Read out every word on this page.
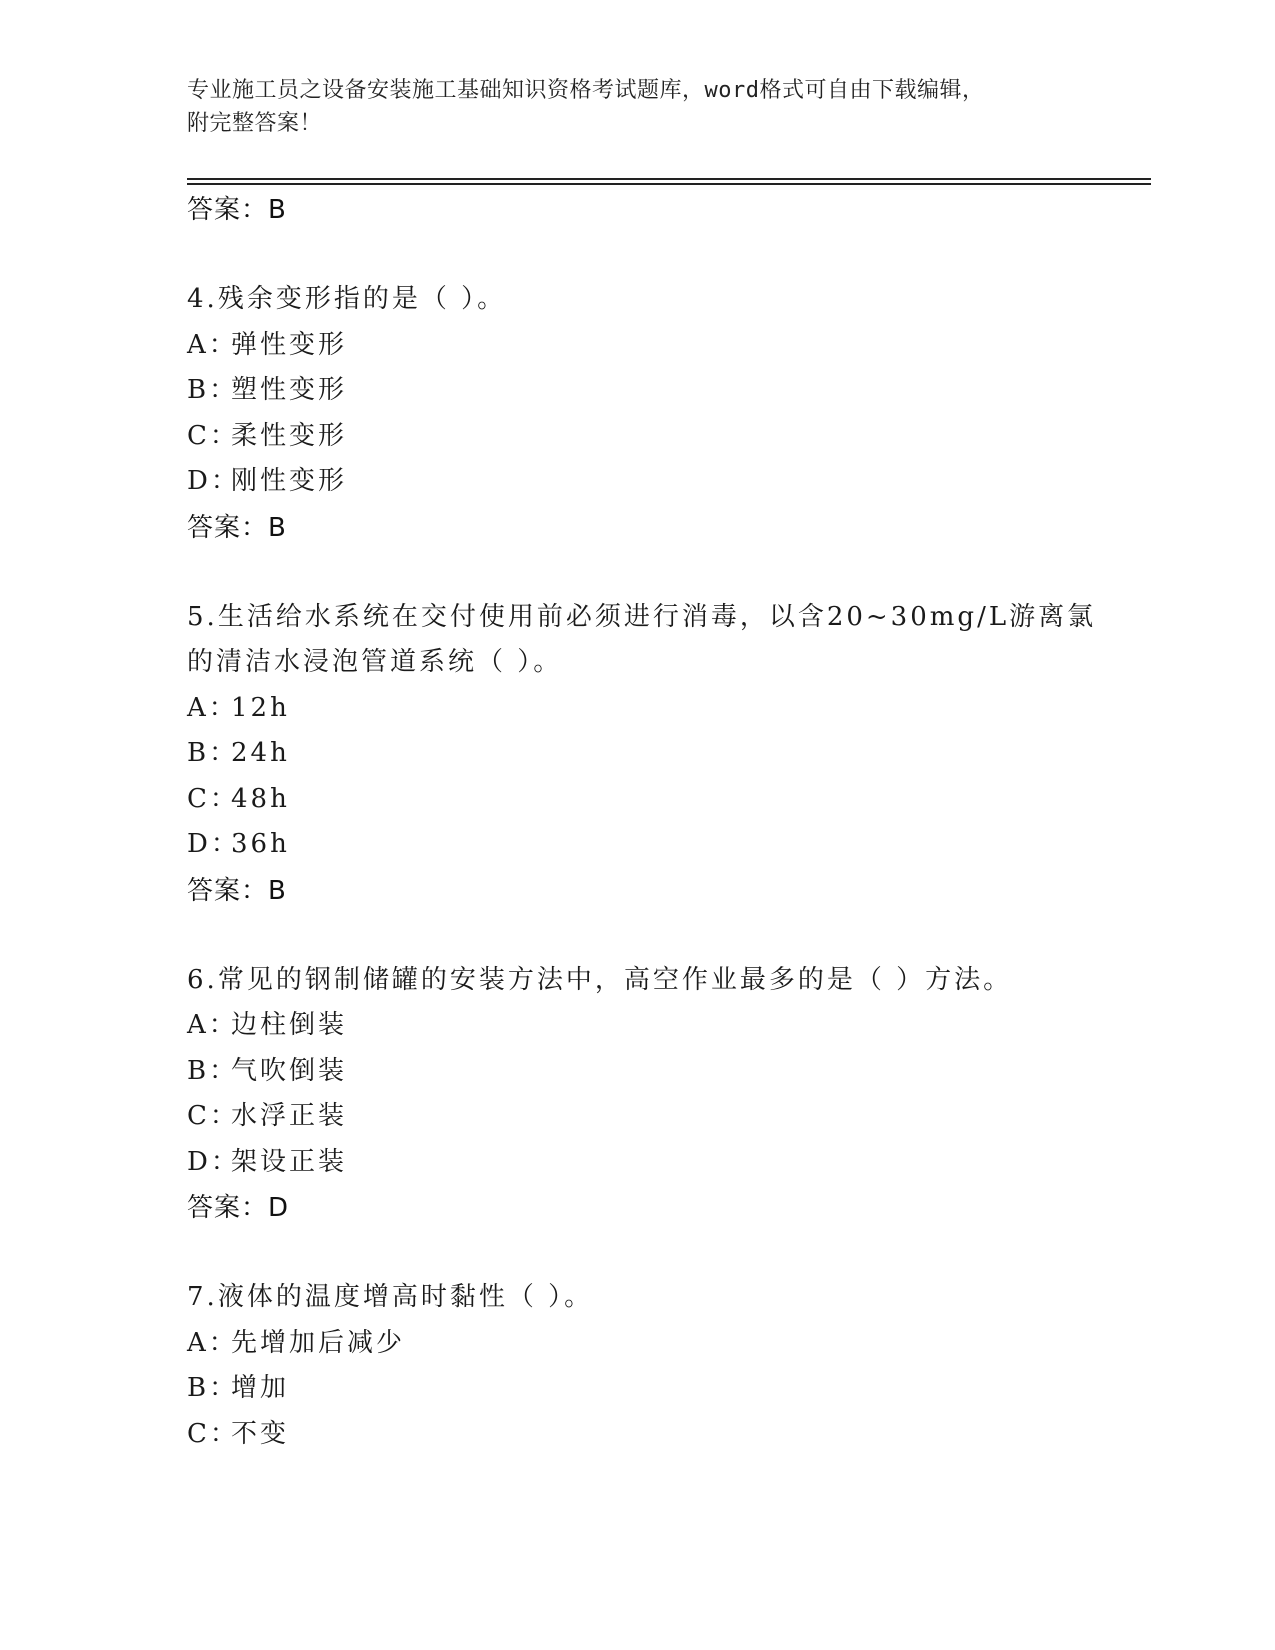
专业施工员之设备安装施工基础知识资格考试题库，word格式可自由下载编辑，
附完整答案！
答案：B
4.残余变形指的是（ ）。
A：弹性变形
B：塑性变形
C：柔性变形
D：刚性变形
答案：B
5.生活给水系统在交付使用前必须进行消毒，以含20~30mg/L游离氯
的清洁水浸泡管道系统（ ）。
A：12h
B：24h
C：48h
D：36h
答案：B
6.常见的钢制储罐的安装方法中，高空作业最多的是（ ）方法。
A：边柱倒装
B：气吹倒装
C：水浮正装
D：架设正装
答案：D
7.液体的温度增高时黏性（ ）。
A：先增加后减少
B：增加
C：不变
